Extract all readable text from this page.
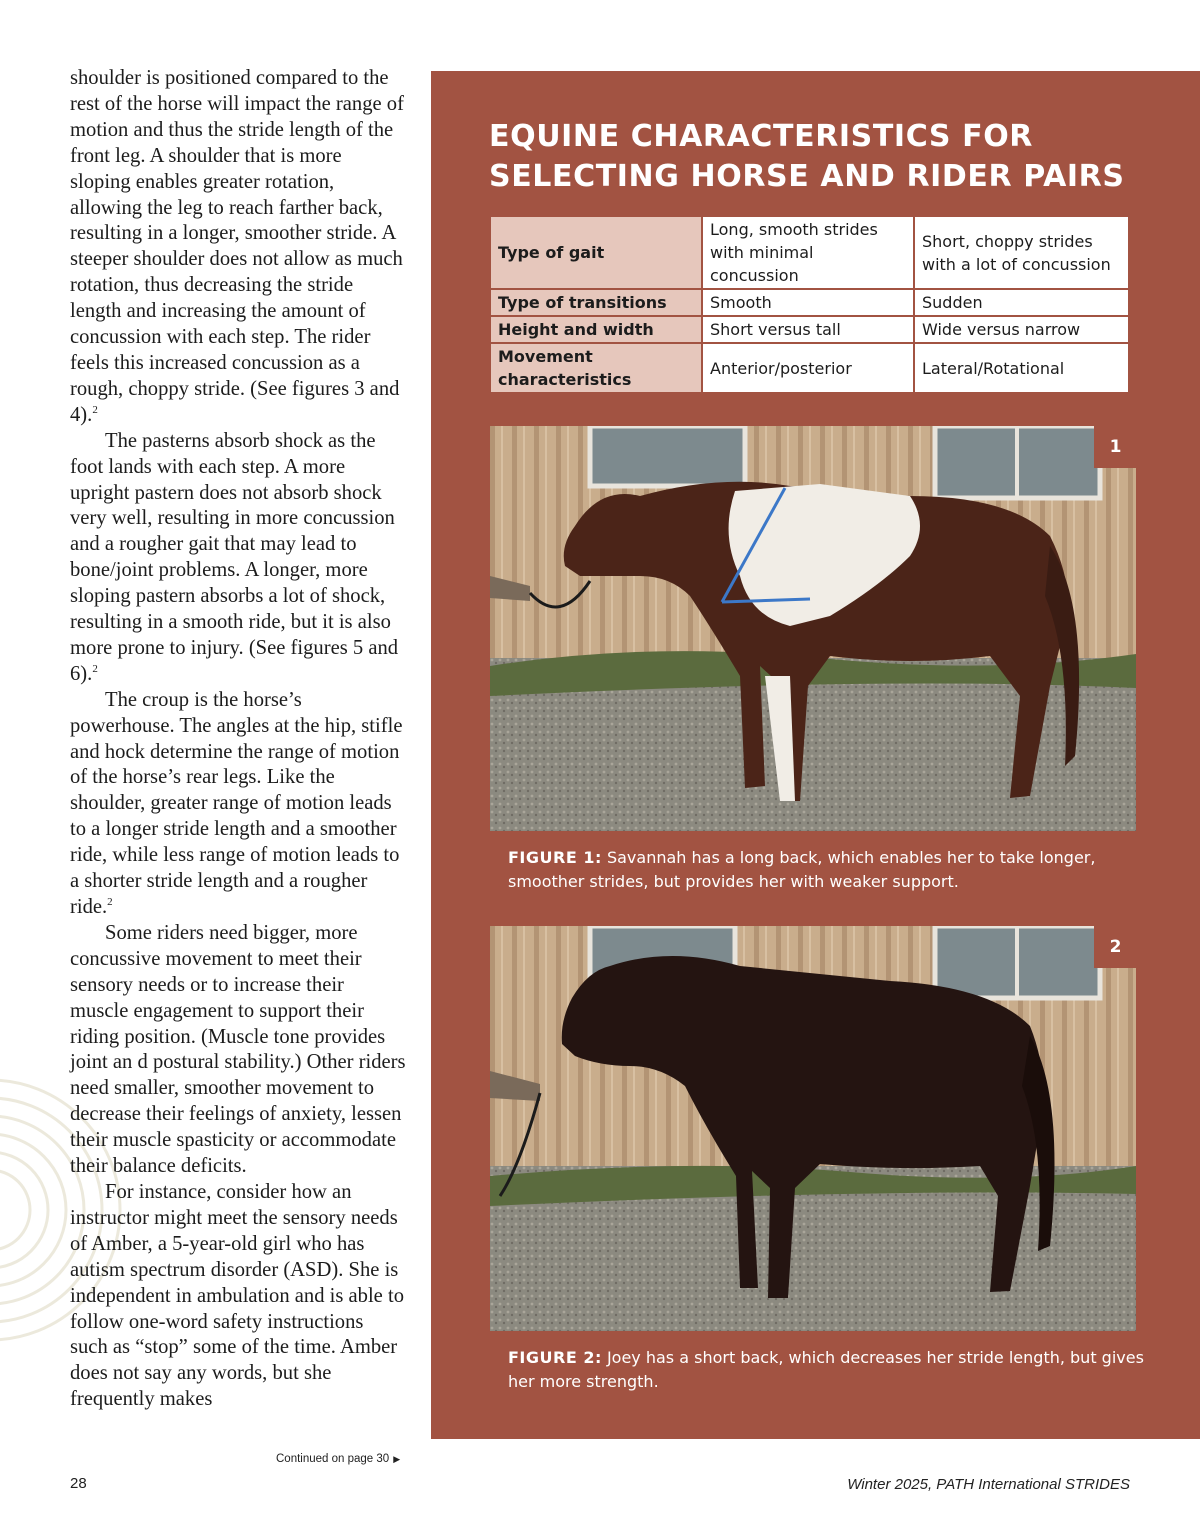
shoulder is positioned compared to the rest of the horse will impact the range of motion and thus the stride length of the front leg. A shoulder that is more sloping enables greater rotation, allowing the leg to reach farther back, resulting in a longer, smoother stride. A steeper shoulder does not allow as much rotation, thus decreasing the stride length and increasing the amount of concussion with each step. The rider feels this increased concussion as a rough, choppy stride. (See figures 3 and 4).$^2$

The pasterns absorb shock as the foot lands with each step. A more upright pastern does not absorb shock very well, resulting in more concussion and a rougher gait that may lead to bone/joint problems. A longer, more sloping pastern absorbs a lot of shock, resulting in a smooth ride, but it is also more prone to injury. (See figures 5 and 6).$^2$

The croup is the horse’s powerhouse. The angles at the hip, stifle and hock determine the range of motion of the horse’s rear legs. Like the shoulder, greater range of motion leads to a longer stride length and a smoother ride, while less range of motion leads to a shorter stride length and a rougher ride.$^2$

Some riders need bigger, more concussive movement to meet their sensory needs or to increase their muscle engagement to support their riding position. (Muscle tone provides joint an d postural stability.) Other riders need smaller, smoother movement to decrease their feelings of anxiety, lessen their muscle spasticity or accommodate their balance deficits.

For instance, consider how an instructor might meet the sensory needs of Amber, a 5-year-old girl who has autism spectrum disorder (ASD). She is independent in ambulation and is able to follow one-word safety instructions such as “stop” some of the time. Amber does not say any words, but she frequently makes

Continued on page 30 ▶
28	Winter 2025, PATH International STRIDES
EQUINE CHARACTERISTICS FOR
SELECTING HORSE AND RIDER PAIRS
Type of gait	Long, smooth strides with minimal concussion	Short, choppy strides with a lot of concussion
Type of transitions	Smooth	Sudden
Height and width	Short versus tall	Wide versus narrow
Movement characteristics	Anterior/posterior	Lateral/Rotational
1

FIGURE 1: Savannah has a long back, which enables her to take longer, smoother strides, but provides her with weaker support.

2

FIGURE 2: Joey has a short back, which decreases her stride length, but gives her more strength.
